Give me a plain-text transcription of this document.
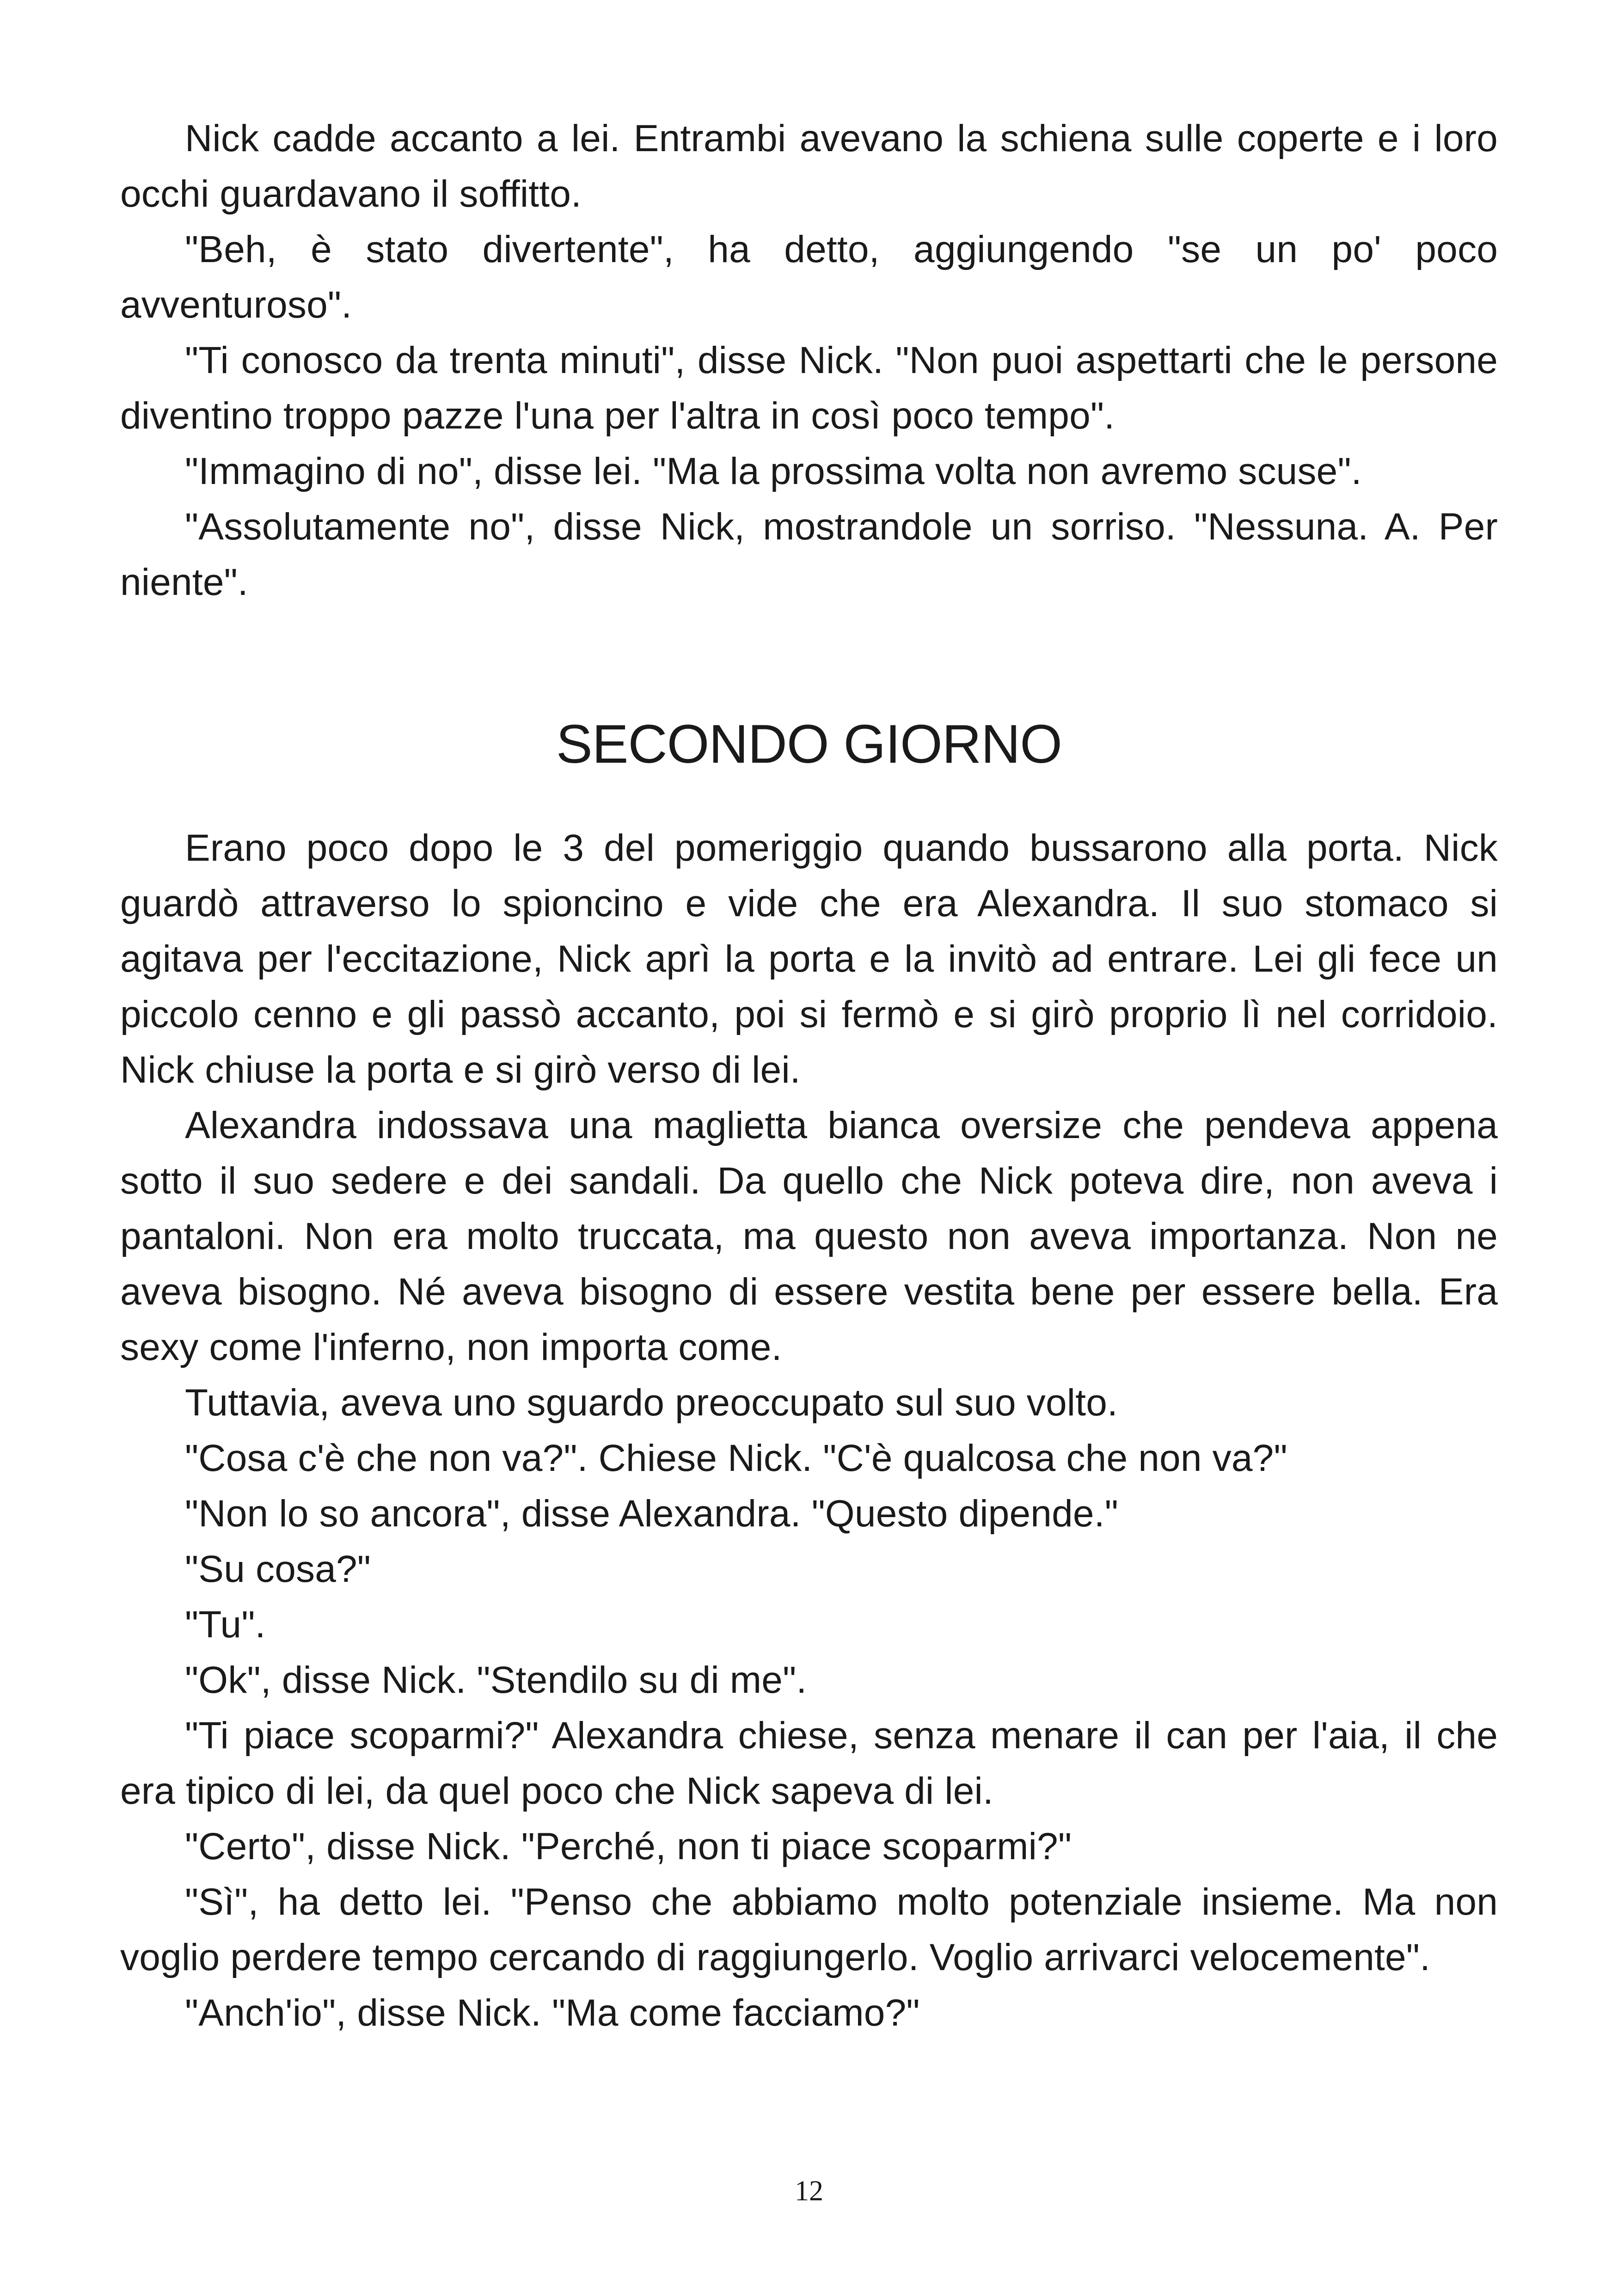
Nick cadde accanto a lei. Entrambi avevano la schiena sulle coperte e i loro occhi guardavano il soffitto.

"Beh, è stato divertente", ha detto, aggiungendo "se un po' poco avventuroso".

"Ti conosco da trenta minuti", disse Nick. "Non puoi aspettarti che le persone diventino troppo pazze l'una per l'altra in così poco tempo".

"Immagino di no", disse lei. "Ma la prossima volta non avremo scuse".

"Assolutamente no", disse Nick, mostrandole un sorriso. "Nessuna. A. Per niente".

SECONDO GIORNO

Erano poco dopo le 3 del pomeriggio quando bussarono alla porta. Nick guardò attraverso lo spioncino e vide che era Alexandra. Il suo stomaco si agitava per l'eccitazione, Nick aprì la porta e la invitò ad entrare. Lei gli fece un piccolo cenno e gli passò accanto, poi si fermò e si girò proprio lì nel corridoio. Nick chiuse la porta e si girò verso di lei.

Alexandra indossava una maglietta bianca oversize che pendeva appena sotto il suo sedere e dei sandali. Da quello che Nick poteva dire, non aveva i pantaloni. Non era molto truccata, ma questo non aveva importanza. Non ne aveva bisogno. Né aveva bisogno di essere vestita bene per essere bella. Era sexy come l'inferno, non importa come.

Tuttavia, aveva uno sguardo preoccupato sul suo volto.

"Cosa c'è che non va?". Chiese Nick. "C'è qualcosa che non va?"

"Non lo so ancora", disse Alexandra. "Questo dipende."

"Su cosa?"

"Tu".

"Ok", disse Nick. "Stendilo su di me".

"Ti piace scoparmi?" Alexandra chiese, senza menare il can per l'aia, il che era tipico di lei, da quel poco che Nick sapeva di lei.

"Certo", disse Nick. "Perché, non ti piace scoparmi?"

"Sì", ha detto lei. "Penso che abbiamo molto potenziale insieme. Ma non voglio perdere tempo cercando di raggiungerlo. Voglio arrivarci velocemente".

"Anch'io", disse Nick. "Ma come facciamo?"

12
